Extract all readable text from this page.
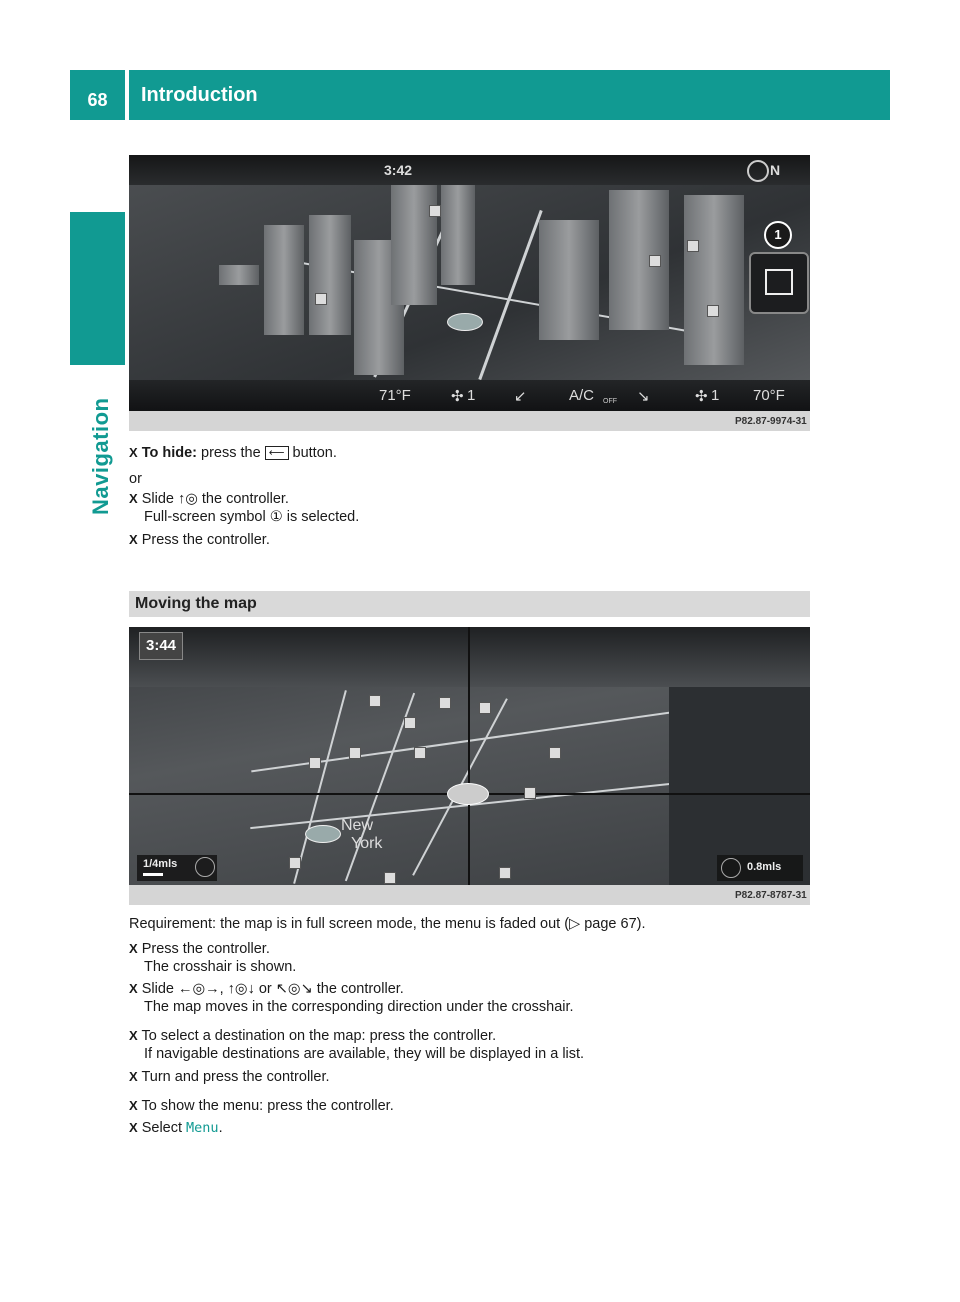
68	Introduction
Navigation
3:42	N
1
71°F	✣ 1	↙	A/C OFF ↘	✣ 1 70°F
P82.87-9974-31
X To hide: press the ⟵ button.
or
X Slide ↑◎ the controller.
Full-screen symbol ① is selected.
X Press the controller.
Moving the map
3:44
New
York
1/4mls	0.8mls
P82.87-8787-31
Requirement: the map is in full screen mode, the menu is faded out (▷ page 67).
X Press the controller.
The crosshair is shown.
X Slide ←◎→, ↑◎↓ or ↖◎↘ the controller.
The map moves in the corresponding direction under the crosshair.
X To select a destination on the map: press the controller.
If navigable destinations are available, they will be displayed in a list.
X Turn and press the controller.
X To show the menu: press the controller.
X Select Menu.
